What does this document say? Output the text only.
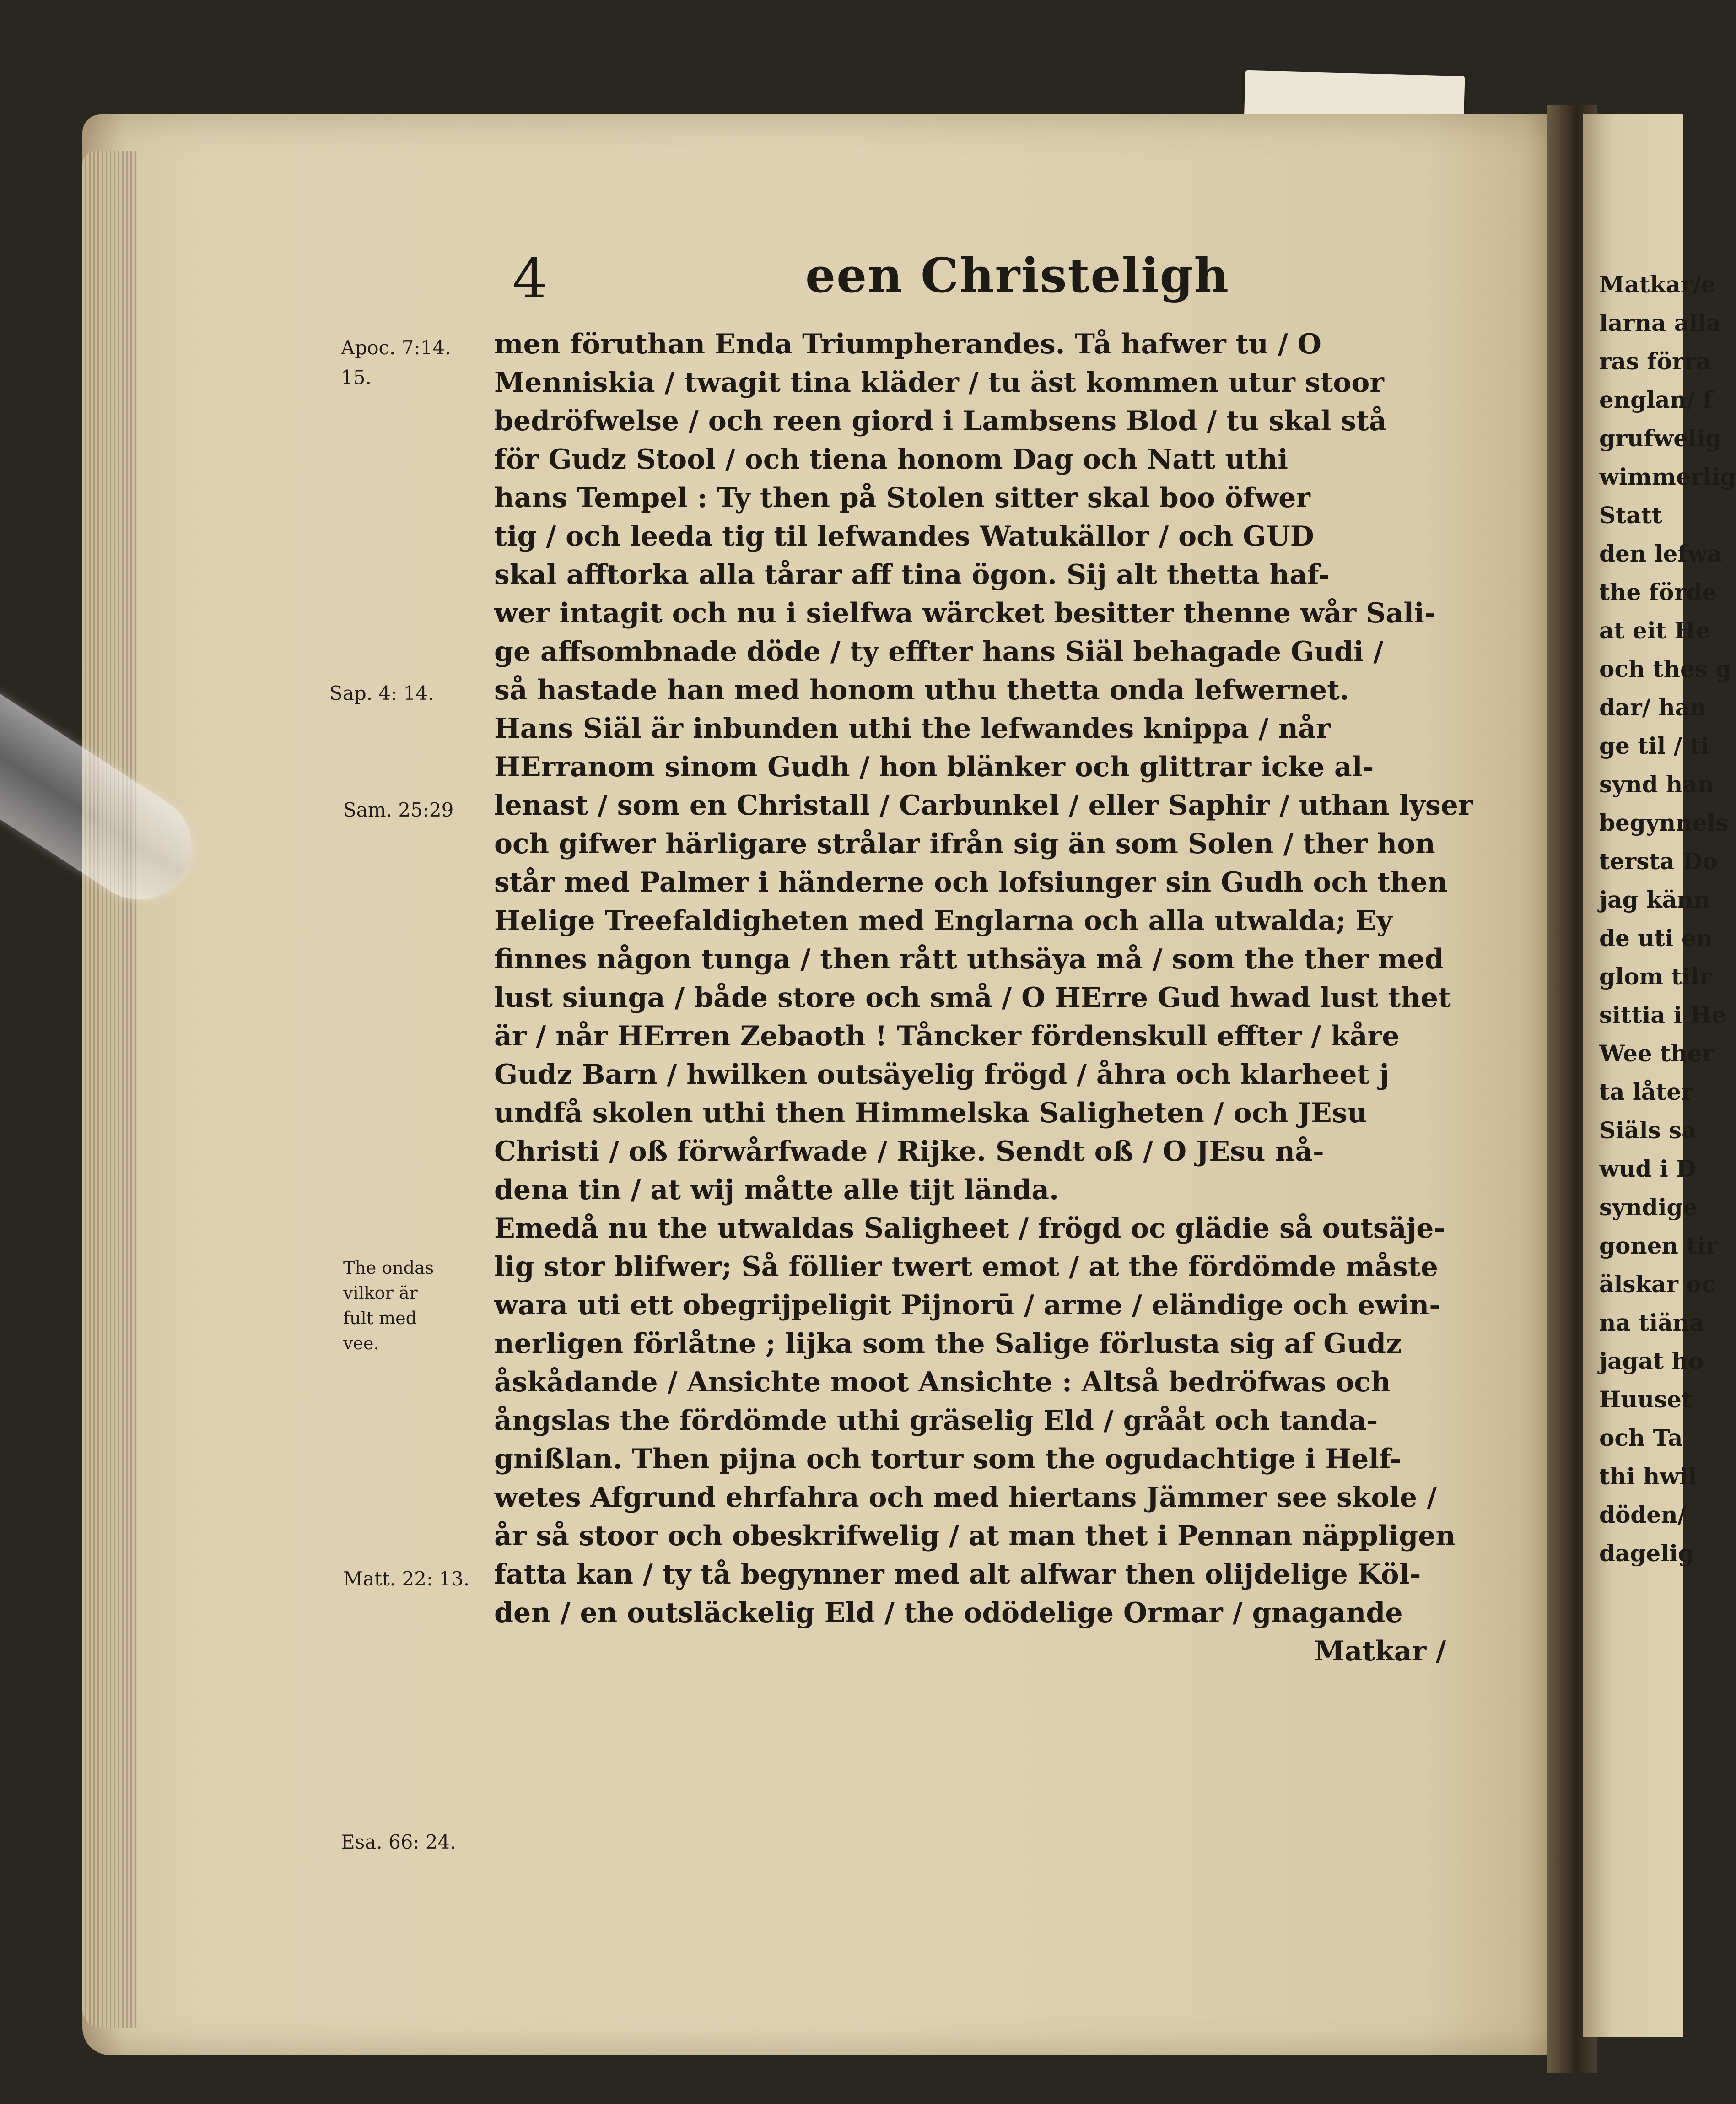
Matkar/e
larna alla
ras förra
englan/ f
grufwelig
wimmerlig
Statt
den lefwa
the förde
at eit He
och thes g
dar/ han
ge til / ti
synd han
begynnels
tersta Do
jag känn
de uti en
glom tilr
sittia i He
Wee ther
ta låter
Siäls sa
wud i D
syndige
gonen tir
älskar oc
na tiäna
jagat ho
Huuset
och Ta
thi hwil
döden/
dagelig
4	een Christeligh
Apoc. 7:14.
15.
Sap. 4: 14.
Sam. 25:29
The ondas
vilkor är
fult med
vee.
Matt. 22: 13.
Esa. 66: 24.
men föruthan Enda Triumpherandes. Tå hafwer tu / O
Menniskia / twagit tina kläder / tu äst kommen utur stoor
bedröfwelse / och reen giord i Lambsens Blod / tu skal stå
för Gudz Stool / och tiena honom Dag och Natt uthi
hans Tempel : Ty then på Stolen sitter skal boo öfwer
tig / och leeda tig til lefwandes Watukällor / och GUD
skal afftorka alla tårar aff tina ögon. Sij alt thetta haf-
wer intagit och nu i sielfwa wärcket besitter thenne wår Sali-
ge affsombnade döde / ty effter hans Siäl behagade Gudi /
så hastade han med honom uthu thetta onda lefwernet.
Hans Siäl är inbunden uthi the lefwandes knippa / når
HErranom sinom Gudh / hon blänker och glittrar icke al-
lenast / som en Christall / Carbunkel / eller Saphir / uthan lyser
och gifwer härligare strålar ifrån sig än som Solen / ther hon
står med Palmer i händerne och lofsiunger sin Gudh och then
Helige Treefaldigheten med Englarna och alla utwalda; Ey
finnes någon tunga / then rått uthsäya må / som the ther med
lust siunga / både store och små / O HErre Gud hwad lust thet
är / når HErren Zebaoth ! Tåncker fördenskull effter / kåre
Gudz Barn / hwilken outsäyelig frögd / åhra och klarheet j
undfå skolen uthi then Himmelska Saligheten / och JEsu
Christi / oß förwårfwade / Rijke. Sendt oß / O JEsu nå-
dena tin / at wij måtte alle tijt lända.
Emedå nu the utwaldas Saligheet / frögd oc glädie så outsäje-
lig stor blifwer; Så föllier twert emot / at the fördömde måste
wara uti ett obegrijpeligit Pijnorū / arme / eländige och ewin-
nerligen förlåtne ; lijka som the Salige förlusta sig af Gudz
åskådande / Ansichte moot Ansichte : Altså bedröfwas och
ångslas the fördömde uthi gräselig Eld / grååt och tanda-
gnißlan. Then pijna och tortur som the ogudachtige i Helf-
wetes Afgrund ehrfahra och med hiertans Jämmer see skole /
år så stoor och obeskrifwelig / at man thet i Pennan näppligen
fatta kan / ty tå begynner med alt alfwar then olijdelige Köl-
den / en outsläckelig Eld / the odödelige Ormar / gnagande
Matkar /
